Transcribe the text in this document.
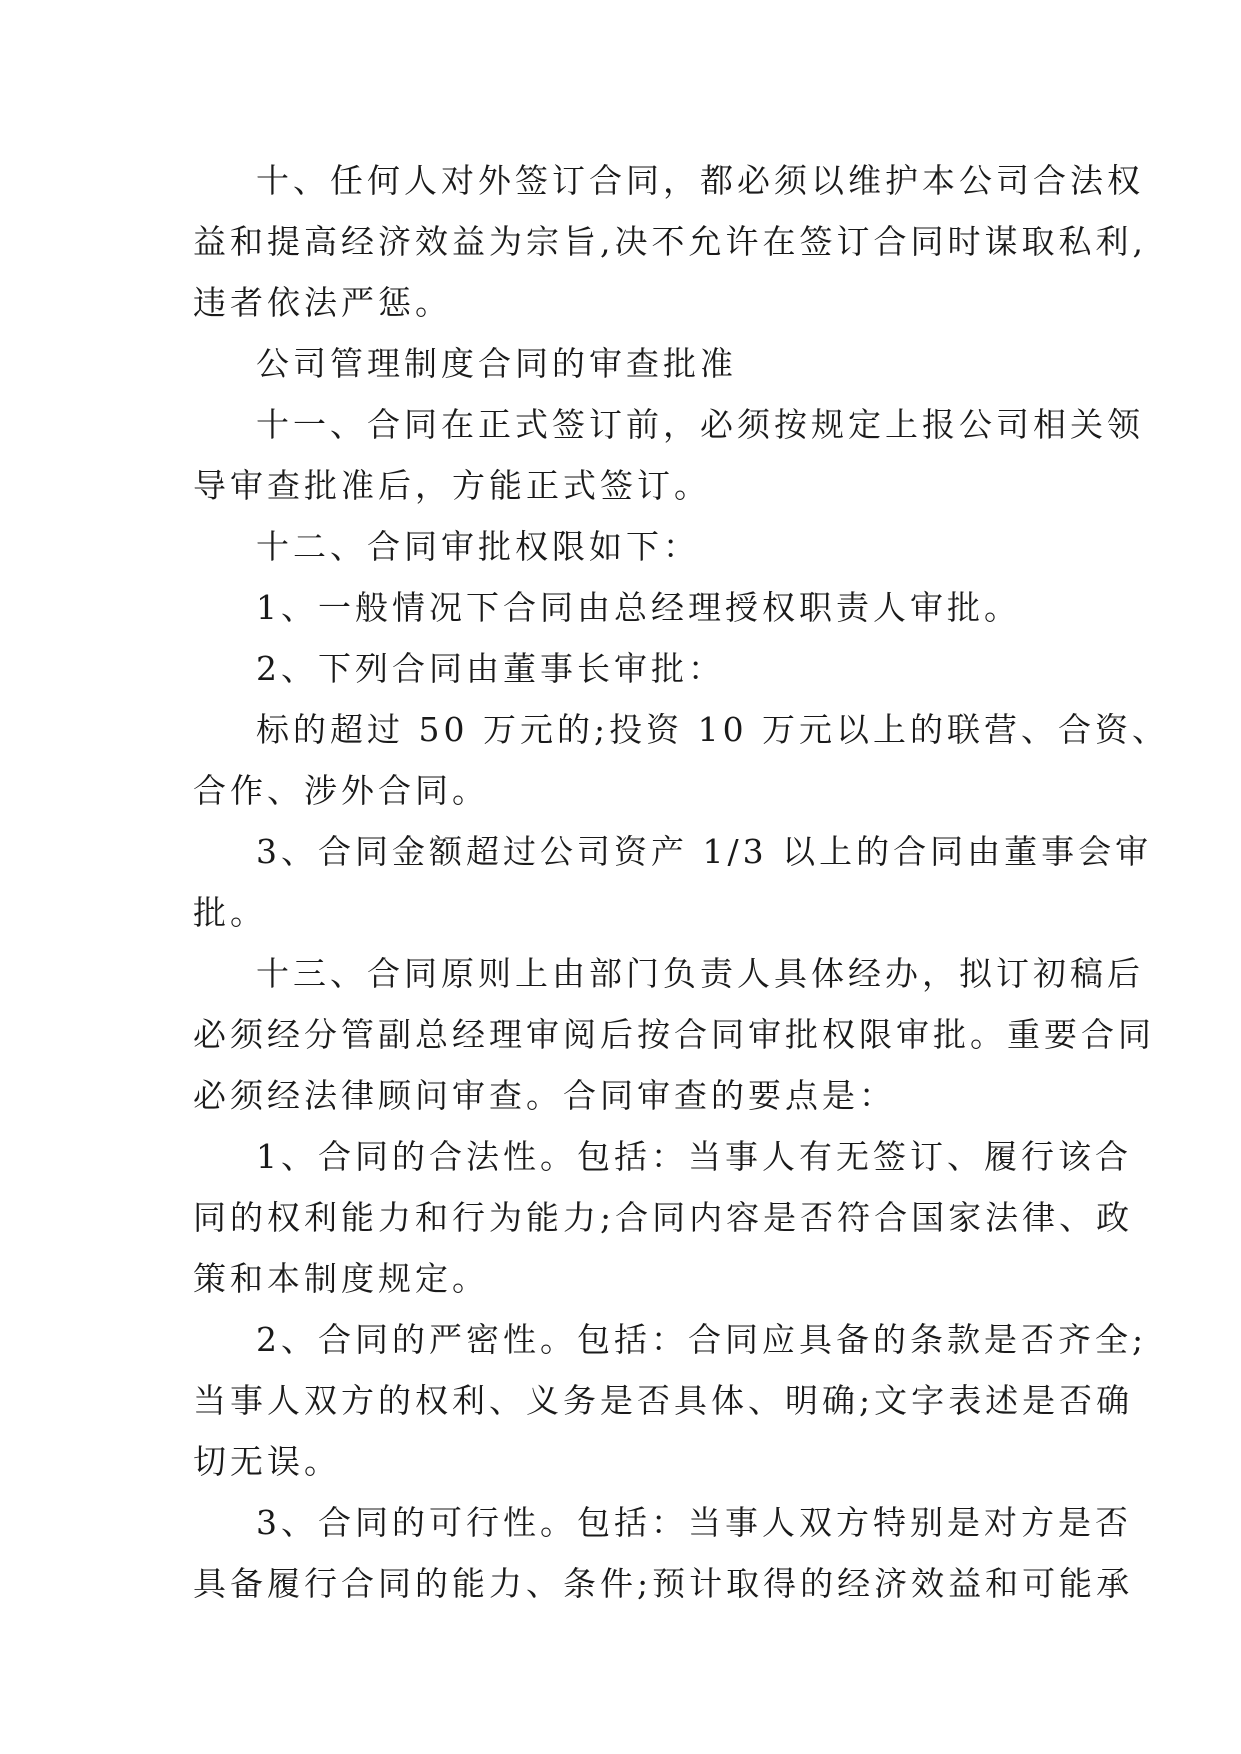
十、任何人对外签订合同，都必须以维护本公司合法权
益和提高经济效益为宗旨,决不允许在签订合同时谋取私利,
违者依法严惩。
公司管理制度合同的审查批准
十一、合同在正式签订前，必须按规定上报公司相关领
导审查批准后，方能正式签订。
十二、合同审批权限如下：
1、一般情况下合同由总经理授权职责人审批。
2、下列合同由董事长审批：
标的超过 50 万元的;投资 10 万元以上的联营、合资、
合作、涉外合同。
3、合同金额超过公司资产 1/3 以上的合同由董事会审
批。
十三、合同原则上由部门负责人具体经办，拟订初稿后
必须经分管副总经理审阅后按合同审批权限审批。重要合同
必须经法律顾问审查。合同审查的要点是：
1、合同的合法性。包括：当事人有无签订、履行该合
同的权利能力和行为能力;合同内容是否符合国家法律、政
策和本制度规定。
2、合同的严密性。包括：合同应具备的条款是否齐全;
当事人双方的权利、义务是否具体、明确;文字表述是否确
切无误。
3、合同的可行性。包括：当事人双方特别是对方是否
具备履行合同的能力、条件;预计取得的经济效益和可能承
